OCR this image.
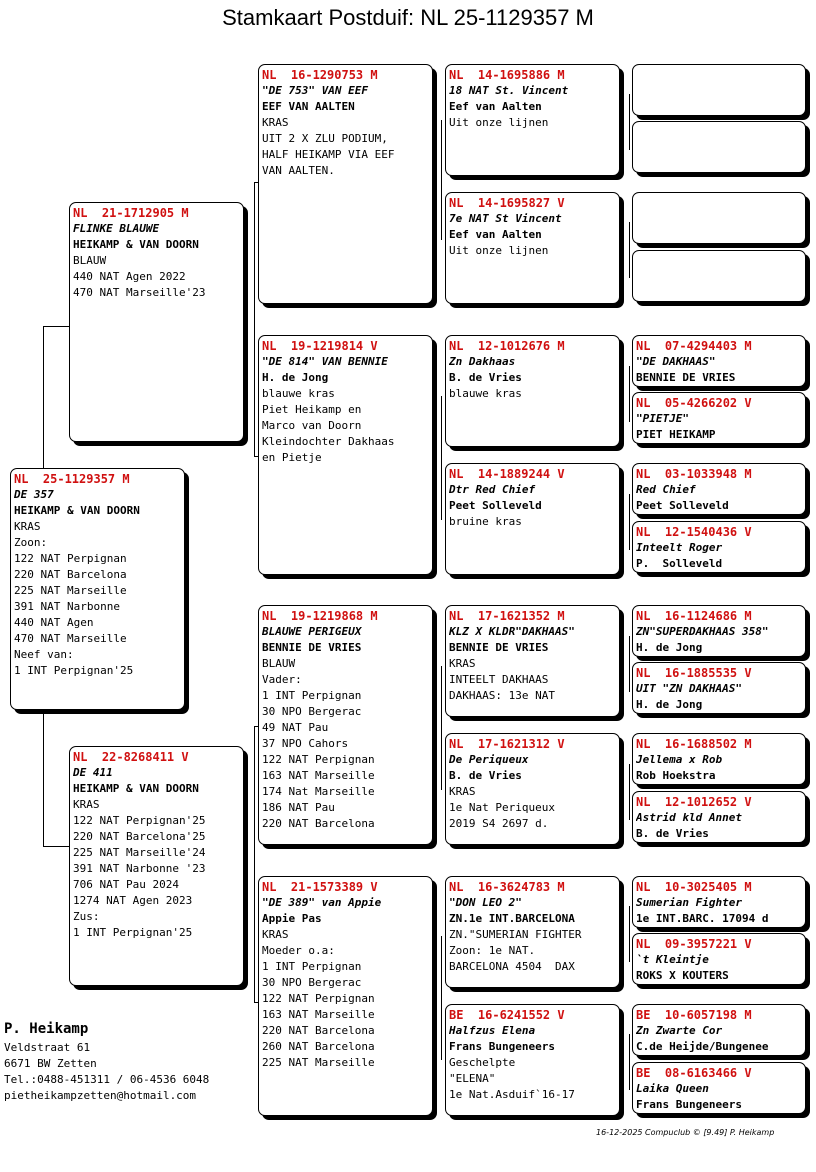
Stamkaart Postduif: NL 25-1129357 M
NL  25-1129357 M
DE 357
HEIKAMP & VAN DOORN
KRAS
Zoon:
122 NAT Perpignan
220 NAT Barcelona
225 NAT Marseille
391 NAT Narbonne
440 NAT Agen
470 NAT Marseille
Neef van:
1 INT Perpignan'25
NL  21-1712905 M
FLINKE BLAUWE
HEIKAMP & VAN DOORN
BLAUW
440 NAT Agen 2022
470 NAT Marseille'23
NL  22-8268411 V
DE 411
HEIKAMP & VAN DOORN
KRAS
122 NAT Perpignan'25
220 NAT Barcelona'25
225 NAT Marseille'24
391 NAT Narbonne '23
706 NAT Pau 2024
1274 NAT Agen 2023
Zus:
1 INT Perpignan'25
NL  16-1290753 M
"DE 753" VAN EEF
EEF VAN AALTEN
KRAS
UIT 2 X ZLU PODIUM,
HALF HEIKAMP VIA EEF
VAN AALTEN.
NL  19-1219814 V
"DE 814" VAN BENNIE
H. de Jong
blauwe kras
Piet Heikamp en
Marco van Doorn
Kleindochter Dakhaas
en Pietje
NL  19-1219868 M
BLAUWE PERIGEUX
BENNIE DE VRIES
BLAUW
Vader:
1 INT Perpignan
30 NPO Bergerac
49 NAT Pau
37 NPO Cahors
122 NAT Perpignan
163 NAT Marseille
174 Nat Marseille
186 NAT Pau
220 NAT Barcelona
NL  21-1573389 V
"DE 389" van Appie
Appie Pas
KRAS
Moeder o.a:
1 INT Perpignan
30 NPO Bergerac
122 NAT Perpignan
163 NAT Marseille
220 NAT Barcelona
260 NAT Barcelona
225 NAT Marseille
NL  14-1695886 M
18 NAT St. Vincent
Eef van Aalten
Uit onze lijnen
NL  14-1695827 V
7e NAT St Vincent
Eef van Aalten
Uit onze lijnen
NL  12-1012676 M
Zn Dakhaas
B. de Vries
blauwe kras
NL  14-1889244 V
Dtr Red Chief
Peet Solleveld
bruine kras
NL  17-1621352 M
KLZ X KLDR"DAKHAAS"
BENNIE DE VRIES
KRAS
INTEELT DAKHAAS
DAKHAAS: 13e NAT
NL  17-1621312 V
De Periqueux
B. de Vries
KRAS
1e Nat Periqueux
2019 S4 2697 d.
NL  16-3624783 M
"DON LEO 2"
ZN.1e INT.BARCELONA
ZN."SUMERIAN FIGHTER
Zoon: 1e NAT.
BARCELONA 4504  DAX
BE  16-6241552 V
Halfzus Elena
Frans Bungeneers
Geschelpte
"ELENA"
1e Nat.Asduif`16-17
NL  07-4294403 M
"DE DAKHAAS"
BENNIE DE VRIES
NL  05-4266202 V
"PIETJE"
PIET HEIKAMP
NL  03-1033948 M
Red Chief
Peet Solleveld
NL  12-1540436 V
Inteelt Roger
P.  Solleveld
NL  16-1124686 M
ZN"SUPERDAKHAAS 358"
H. de Jong
NL  16-1885535 V
UIT "ZN DAKHAAS"
H. de Jong
NL  16-1688502 M
Jellema x Rob
Rob Hoekstra
NL  12-1012652 V
Astrid kld Annet
B. de Vries
NL  10-3025405 M
Sumerian Fighter
1e INT.BARC. 17094 d
NL  09-3957221 V
`t Kleintje
ROKS X KOUTERS
BE  10-6057198 M
Zn Zwarte Cor
C.de Heijde/Bungenee
BE  08-6163466 V
Laika Queen
Frans Bungeneers
P. Heikamp
Veldstraat 61
6671 BW Zetten
Tel.:0488-451311 / 06-4536 6048
pietheikampzetten@hotmail.com
16-12-2025 Compuclub © [9.49] P. Heikamp
